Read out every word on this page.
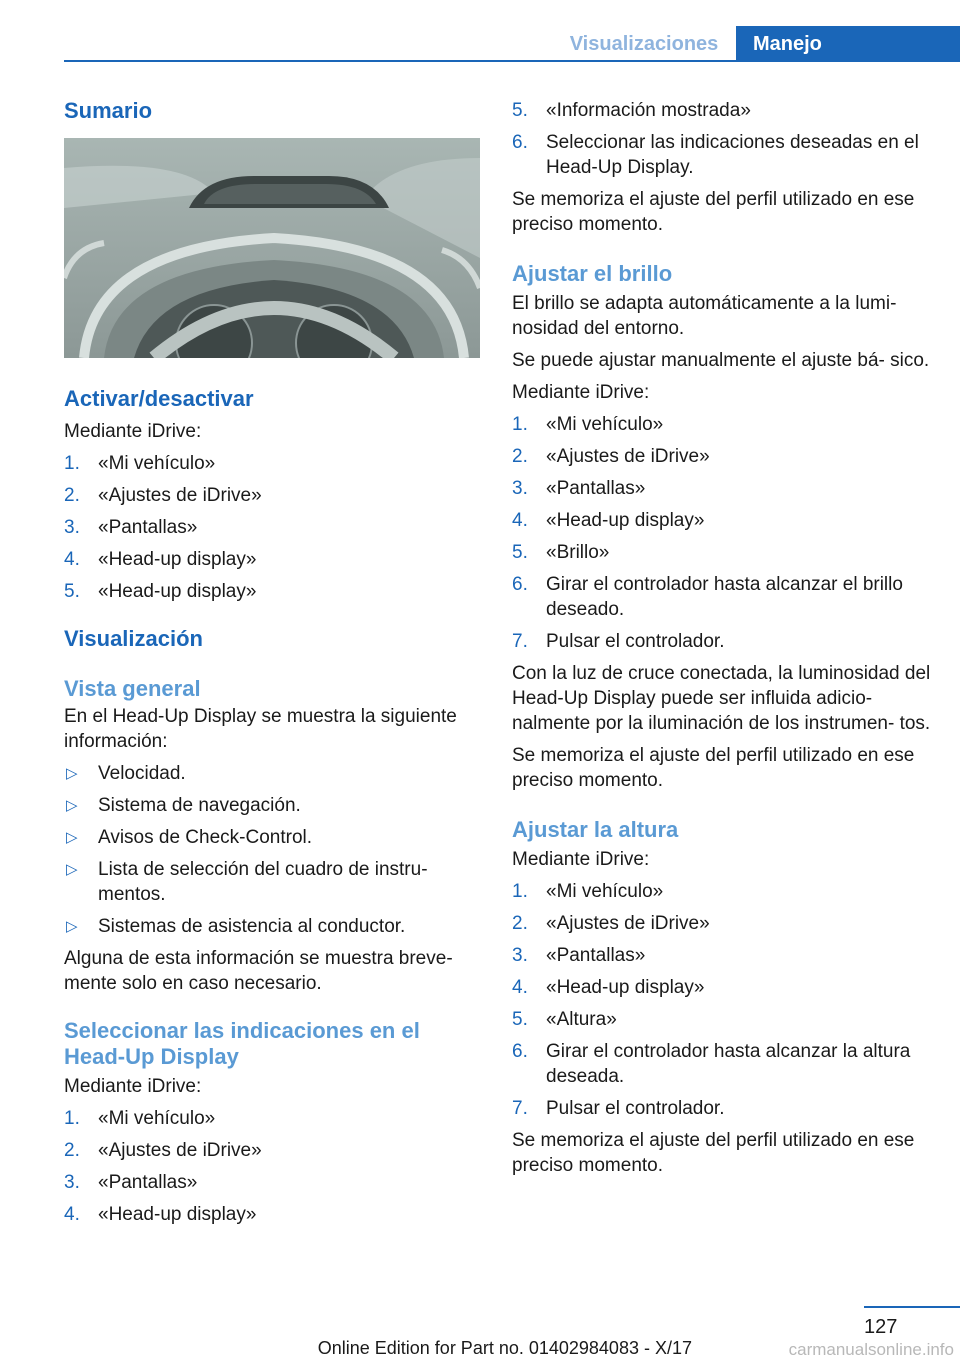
Visualizaciones	Manejo
Sumario
Activar/desactivar

Mediante iDrive:

1. «Mi vehículo»
2. «Ajustes de iDrive»
3. «Pantallas»
4. «Head-up display»
5. «Head-up display»
Visualización
Vista general

En el Head-Up Display se muestra la siguiente información:

▷	Velocidad.
▷	Sistema de navegación.
▷	Avisos de Check-Control.
▷	Lista de selección del cuadro de instru- mentos.
▷	Sistemas de asistencia al conductor.

Alguna de esta información se muestra breve- mente solo en caso necesario.

Seleccionar las indicaciones en el Head-Up Display

Mediante iDrive:

1. «Mi vehículo»
2. «Ajustes de iDrive»
3. «Pantallas»
4. «Head-up display»
5. «Información mostrada»
6. Seleccionar las indicaciones deseadas en el Head-Up Display.

Se memoriza el ajuste del perfil utilizado en ese preciso momento.

Ajustar el brillo

El brillo se adapta automáticamente a la lumi- nosidad del entorno.

Se puede ajustar manualmente el ajuste bá- sico.

Mediante iDrive:

1. «Mi vehículo»
2. «Ajustes de iDrive»
3. «Pantallas»
4. «Head-up display»
5. «Brillo»
6. Girar el controlador hasta alcanzar el brillo deseado.
7. Pulsar el controlador.

Con la luz de cruce conectada, la luminosidad del Head-Up Display puede ser influida adicio- nalmente por la iluminación de los instrumen- tos.

Se memoriza el ajuste del perfil utilizado en ese preciso momento.

Ajustar la altura

Mediante iDrive:

1. «Mi vehículo»
2. «Ajustes de iDrive»
3. «Pantallas»
4. «Head-up display»
5. «Altura»
6. Girar el controlador hasta alcanzar la altura deseada.
7. Pulsar el controlador.

Se memoriza el ajuste del perfil utilizado en ese preciso momento.

127
Online Edition for Part no. 01402984083 - X/17	carmanualsonline.info
